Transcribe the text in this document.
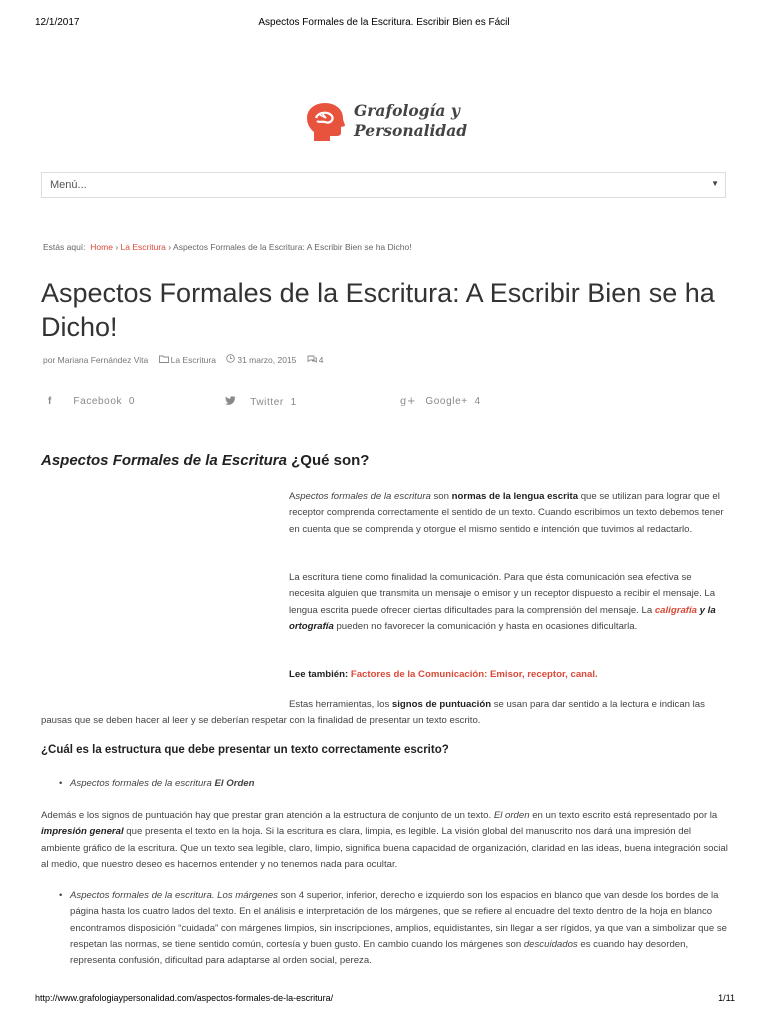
12/1/2017	Aspectos Formales de la Escritura. Escribir Bien es Fácil
Grafología y
Personalidad
Menú...	▼
Estás aquí: Home › La Escritura › Aspectos Formales de la Escritura: A Escribir Bien se ha Dicho!
Aspectos Formales de la Escritura: A Escribir Bien se ha Dicho!
por Mariana Fernández Vita	La Escritura	31 marzo, 2015	4
f Facebook 0	Twitter 1	g+ Google+ 4
Aspectos Formales de la Escritura ¿Qué son?

Aspectos formales de la escritura son normas de la lengua escrita que se utilizan para lograr que el receptor comprenda correctamente el sentido de un texto. Cuando escribimos un texto debemos tener en cuenta que se comprenda y otorgue el mismo sentido e intención que tuvimos al redactarlo.

La escritura tiene como finalidad la comunicación. Para que ésta comunicación sea efectiva se necesita alguien que transmita un mensaje o emisor y un receptor dispuesto a recibir el mensaje. La lengua escrita puede ofrecer ciertas dificultades para la comprensión del mensaje. La caligrafía y la ortografía pueden no favorecer la comunicación y hasta en ocasiones dificultarla.

Lee también: Factores de la Comunicación: Emisor, receptor, canal.

Estas herramientas, los signos de puntuación se usan para dar sentido a la lectura e indican las

pausas que se deben hacer al leer y se deberían respetar con la finalidad de presentar un texto escrito.

¿Cuál es la estructura que debe presentar un texto correctamente escrito?
• Aspectos formales de la escritura El Orden

Además e los signos de puntuación hay que prestar gran atención a la estructura de conjunto de un texto. El orden en un texto escrito está representado por la impresión general que presenta el texto en la hoja. Si la escritura es clara, limpia, es legible. La visión global del manuscrito nos dará una impresión del ambiente gráfico de la escritura. Que un texto sea legible, claro, limpio, significa buena capacidad de organización, claridad en las ideas, buena integración social al medio, que nuestro deseo es hacernos entender y no tenemos nada para ocultar.

• Aspectos formales de la escritura. Los márgenes son 4 superior, inferior, derecho e izquierdo son los espacios en blanco que van desde los bordes de la página hasta los cuatro lados del texto. En el análisis e interpretación de los márgenes, que se refiere al encuadre del texto dentro de la hoja en blanco encontramos disposición “cuidada” con márgenes limpios, sin inscripciones, amplios, equidistantes, sin llegar a ser rígidos, ya que van a simbolizar que se respetan las normas, se tiene sentido común, cortesía y buen gusto. En cambio cuando los márgenes son descuidados es cuando hay desorden, representa confusión, dificultad para adaptarse al orden social, pereza.
http://www.grafologiaypersonalidad.com/aspectos-formales-de-la-escritura/	1/11
